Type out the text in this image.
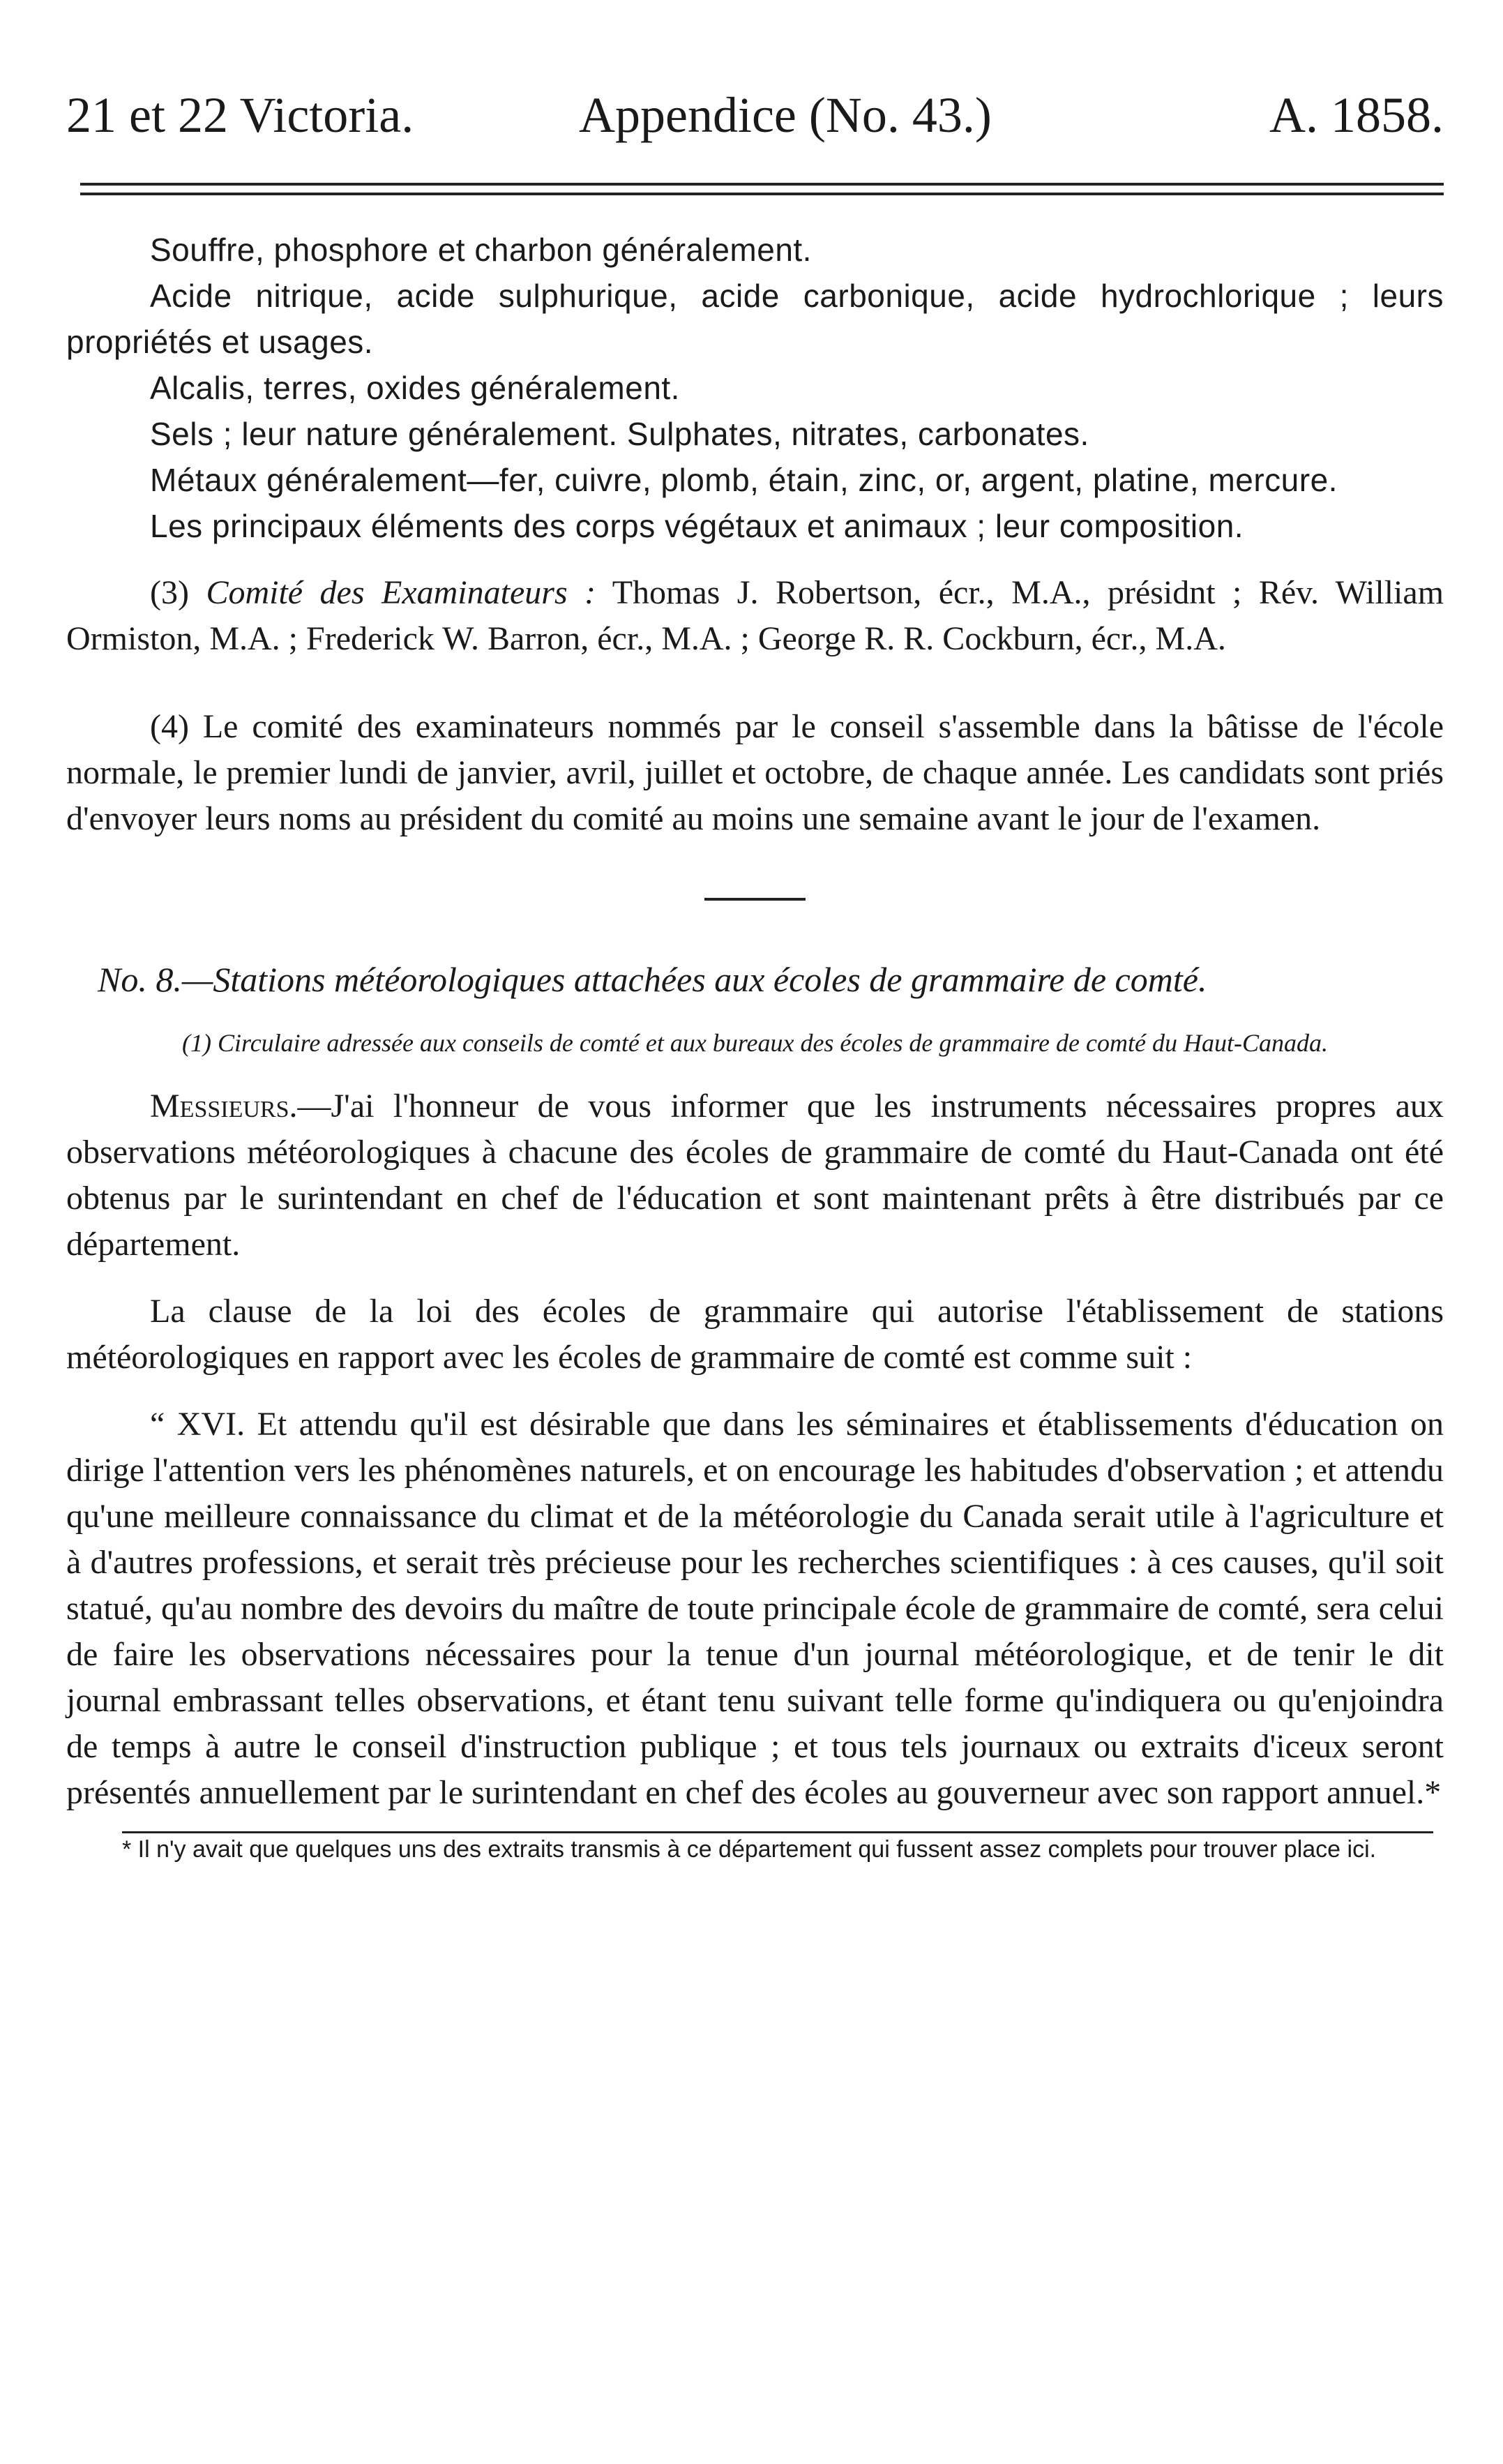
21 et 22 Victoria.	Appendice (No. 43.)	A. 1858.

Souffre, phosphore et charbon généralement.

Acide nitrique, acide sulphurique, acide carbonique, acide hydrochlorique ; leurs propriétés et usages.

Alcalis, terres, oxides généralement.

Sels ; leur nature généralement. Sulphates, nitrates, carbonates.

Métaux généralement—fer, cuivre, plomb, étain, zinc, or, argent, platine, mercure.

Les principaux éléments des corps végétaux et animaux ; leur composition.

(3) Comité des Examinateurs : Thomas J. Robertson, écr., M.A., présidnt ; Rév. William Ormiston, M.A. ; Frederick W. Barron, écr., M.A. ; George R. R. Cockburn, écr., M.A.

(4) Le comité des examinateurs nommés par le conseil s'assemble dans la bâtisse de l'école normale, le premier lundi de janvier, avril, juillet et octobre, de chaque année. Les candidats sont priés d'envoyer leurs noms au président du comité au moins une semaine avant le jour de l'examen.

No. 8.—Stations météorologiques attachées aux écoles de grammaire de comté.

(1) Circulaire adressée aux conseils de comté et aux bureaux des écoles de grammaire de comté du Haut-Canada.

Messieurs.—J'ai l'honneur de vous informer que les instruments nécessaires propres aux observations météorologiques à chacune des écoles de grammaire de comté du Haut-Canada ont été obtenus par le surintendant en chef de l'éducation et sont maintenant prêts à être distribués par ce département.

La clause de la loi des écoles de grammaire qui autorise l'établissement de stations météorologiques en rapport avec les écoles de grammaire de comté est comme suit :

“ XVI. Et attendu qu'il est désirable que dans les séminaires et établissements d'éducation on dirige l'attention vers les phénomènes naturels, et on encourage les habitudes d'observation ; et attendu qu'une meilleure connaissance du climat et de la météorologie du Canada serait utile à l'agriculture et à d'autres professions, et serait très précieuse pour les recherches scientifiques : à ces causes, qu'il soit statué, qu'au nombre des devoirs du maître de toute principale école de grammaire de comté, sera celui de faire les observations nécessaires pour la tenue d'un journal météorologique, et de tenir le dit journal embrassant telles observations, et étant tenu suivant telle forme qu'indiquera ou qu'enjoindra de temps à autre le conseil d'instruction publique ; et tous tels journaux ou extraits d'iceux seront présentés annuellement par le surintendant en chef des écoles au gouverneur avec son rapport annuel.*

* Il n'y avait que quelques uns des extraits transmis à ce département qui fussent assez complets pour trouver place ici.
